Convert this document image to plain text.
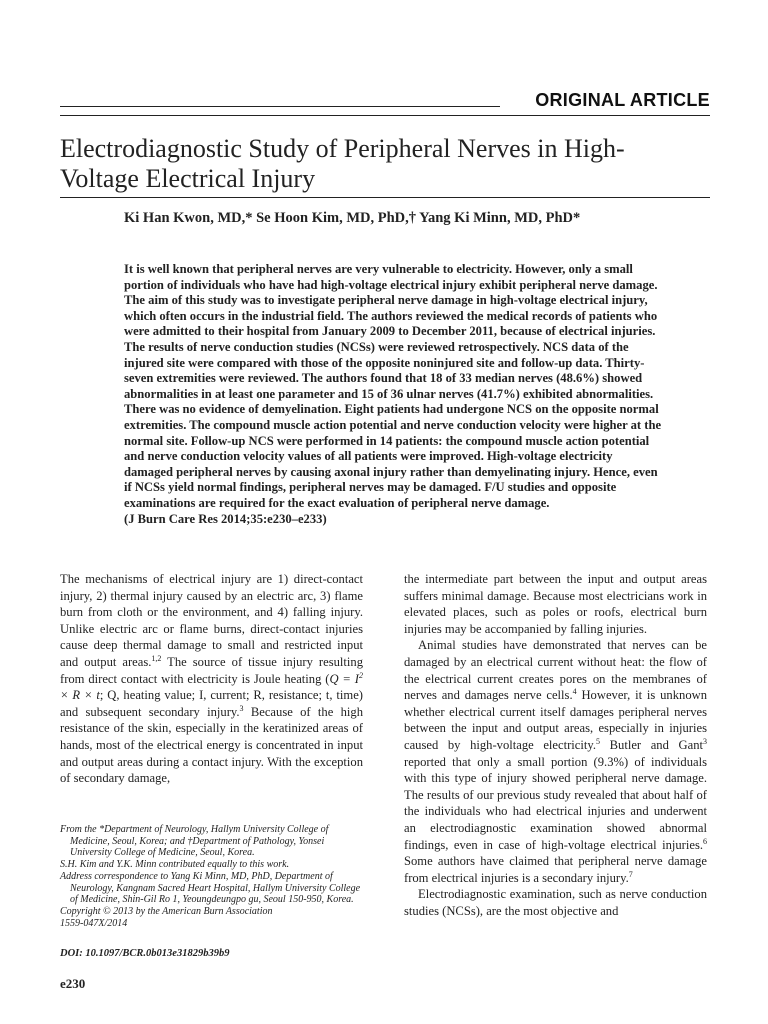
ORIGINAL ARTICLE
Electrodiagnostic Study of Peripheral Nerves in High-Voltage Electrical Injury
Ki Han Kwon, MD,* Se Hoon Kim, MD, PhD,† Yang Ki Minn, MD, PhD*
It is well known that peripheral nerves are very vulnerable to electricity. However, only a small portion of individuals who have had high-voltage electrical injury exhibit peripheral nerve damage. The aim of this study was to investigate peripheral nerve damage in high-voltage electrical injury, which often occurs in the industrial field. The authors reviewed the medical records of patients who were admitted to their hospital from January 2009 to December 2011, because of electrical injuries. The results of nerve conduction studies (NCSs) were reviewed retrospectively. NCS data of the injured site were compared with those of the opposite noninjured site and follow-up data. Thirty-seven extremities were reviewed. The authors found that 18 of 33 median nerves (48.6%) showed abnormalities in at least one parameter and 15 of 36 ulnar nerves (41.7%) exhibited abnormalities. There was no evidence of demyelination. Eight patients had undergone NCS on the opposite normal extremities. The compound muscle action potential and nerve conduction velocity were higher at the normal site. Follow-up NCS were performed in 14 patients: the compound muscle action potential and nerve conduction velocity values of all patients were improved. High-voltage electricity damaged peripheral nerves by causing axonal injury rather than demyelinating injury. Hence, even if NCSs yield normal findings, peripheral nerves may be damaged. F/U studies and opposite examinations are required for the exact evaluation of peripheral nerve damage.
(J Burn Care Res 2014;35:e230–e233)

The mechanisms of electrical injury are 1) direct-contact injury, 2) thermal injury caused by an electric arc, 3) flame burn from cloth or the environment, and 4) falling injury. Unlike electric arc or flame burns, direct-contact injuries cause deep thermal damage to small and restricted input and output areas.$^{1,2}$ The source of tissue injury resulting from direct contact with electricity is Joule heating ($Q = I^2 \times R \times t$; Q, heating value; I, current; R, resistance; t, time) and subsequent secondary injury.$^3$ Because of the high resistance of the skin, especially in the keratinized areas of hands, most of the electrical energy is concentrated in input and output areas during a contact injury. With the exception of secondary damage,

the intermediate part between the input and output areas suffers minimal damage. Because most electricians work in elevated places, such as poles or roofs, electrical burn injuries may be accompanied by falling injuries.

Animal studies have demonstrated that nerves can be damaged by an electrical current without heat: the flow of the electrical current creates pores on the membranes of nerves and damages nerve cells.$^4$ However, it is unknown whether electrical current itself damages peripheral nerves between the input and output areas, especially in injuries caused by high-voltage electricity.$^5$ Butler and Gant$^3$ reported that only a small portion (9.3%) of individuals with this type of injury showed peripheral nerve damage. The results of our previous study revealed that about half of the individuals who had electrical injuries and underwent an electrodiagnostic examination showed abnormal findings, even in case of high-voltage electrical injuries.$^6$ Some authors have claimed that peripheral nerve damage from electrical injuries is a secondary injury.$^7$

Electrodiagnostic examination, such as nerve conduction studies (NCSs), are the most objective and

From the *Department of Neurology, Hallym University College of Medicine, Seoul, Korea; and †Department of Pathology, Yonsei University College of Medicine, Seoul, Korea.

S.H. Kim and Y.K. Minn contributed equally to this work.

Address correspondence to Yang Ki Minn, MD, PhD, Department of Neurology, Kangnam Sacred Heart Hospital, Hallym University College of Medicine, Shin-Gil Ro 1, Yeoungdeungpo gu, Seoul 150-950, Korea.

Copyright © 2013 by the American Burn Association

1559-047X/2014

DOI: 10.1097/BCR.0b013e31829b39b9
e230
